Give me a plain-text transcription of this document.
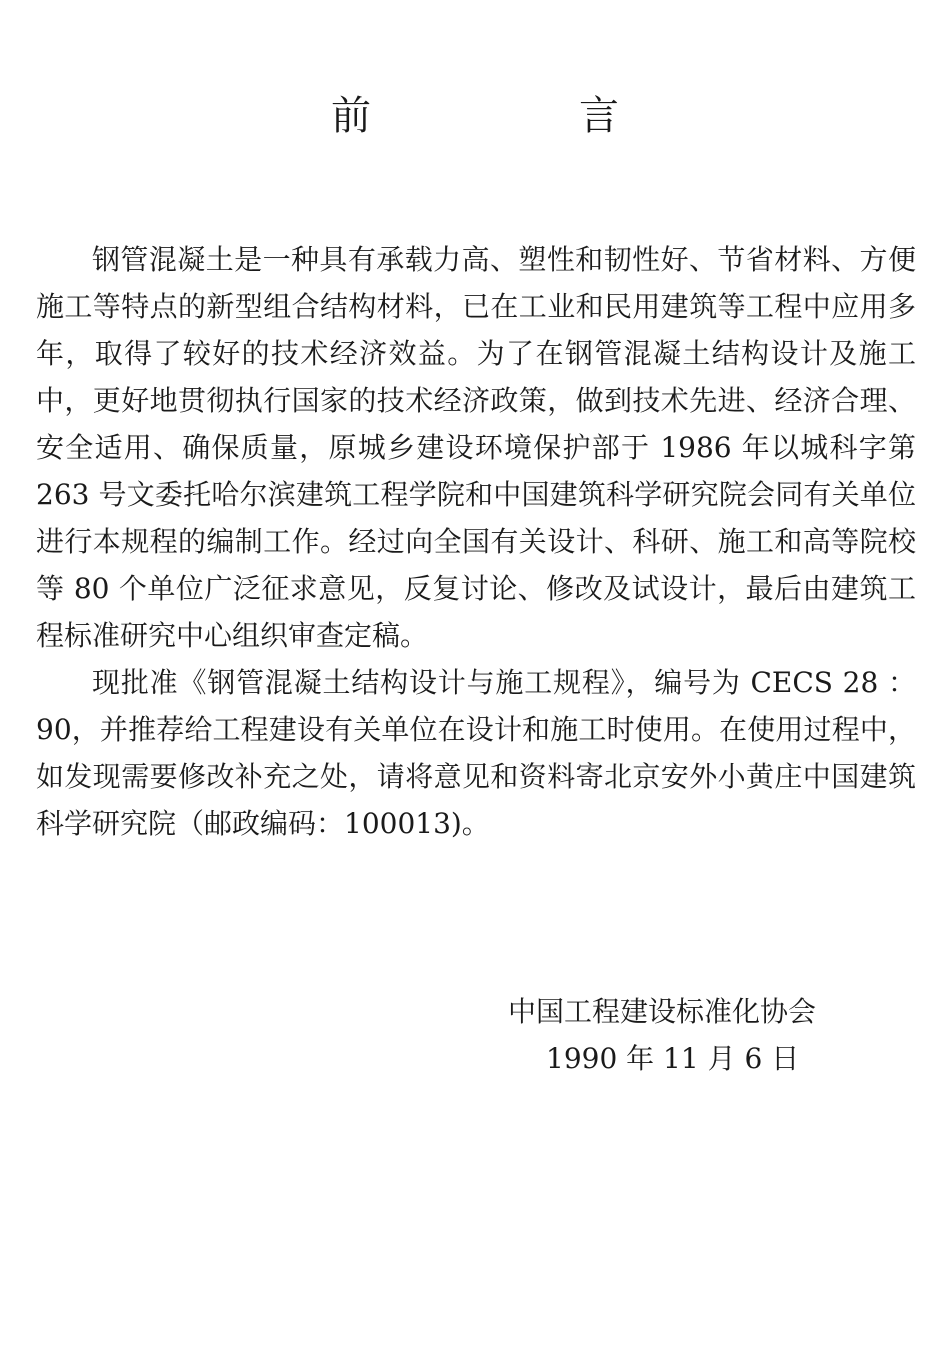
前　言

钢管混凝土是一种具有承载力高、塑性和韧性好、节省材料、方便施工等特点的新型组合结构材料，已在工业和民用建筑等工程中应用多年，取得了较好的技术经济效益。为了在钢管混凝土结构设计及施工中，更好地贯彻执行国家的技术经济政策，做到技术先进、经济合理、安全适用、确保质量，原城乡建设环境保护部于 1986 年以城科字第 263 号文委托哈尔滨建筑工程学院和中国建筑科学研究院会同有关单位进行本规程的编制工作。经过向全国有关设计、科研、施工和高等院校等 80 个单位广泛征求意见，反复讨论、修改及试设计，最后由建筑工程标准研究中心组织审查定稿。

现批准《钢管混凝土结构设计与施工规程》，编号为 CECS 28 ：90，并推荐给工程建设有关单位在设计和施工时使用。在使用过程中，如发现需要修改补充之处，请将意见和资料寄北京安外小黄庄中国建筑科学研究院（邮政编码：100013)。

中国工程建设标准化协会
1990 年 11 月 6 日
